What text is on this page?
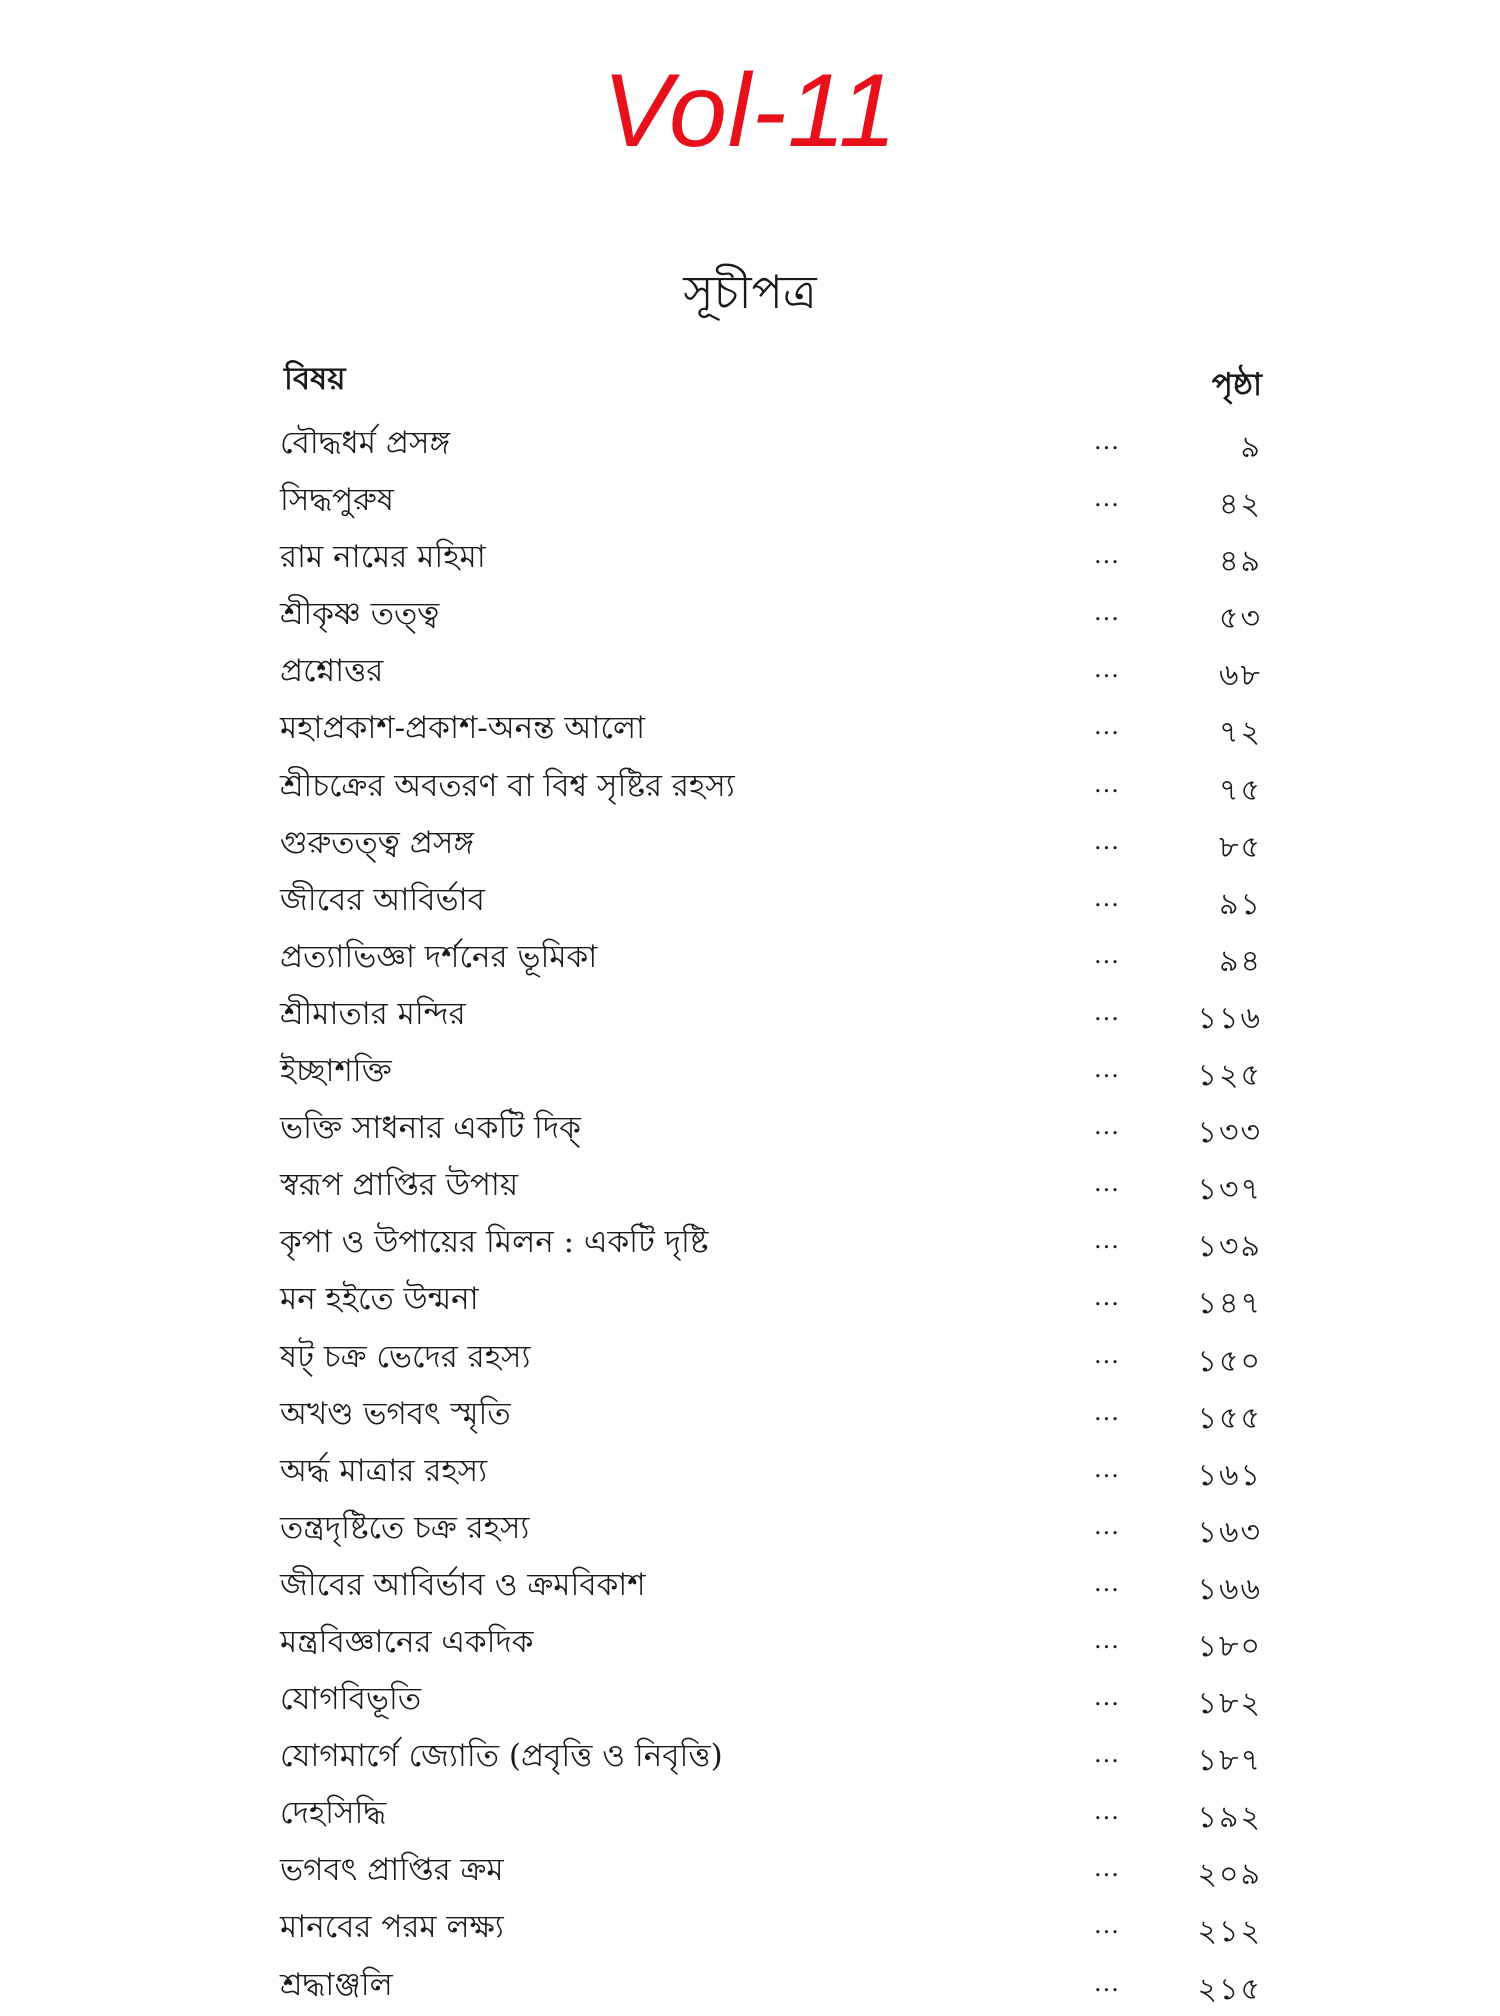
Vol-11
সূচীপত্র
বিষয়	পৃষ্ঠা
বৌদ্ধধর্ম প্রসঙ্গ	...	৯
সিদ্ধপুরুষ	...	৪২
রাম নামের মহিমা	...	৪৯
শ্রীকৃষ্ণ তত্ত্ব	...	৫৩
প্রশ্নোত্তর	...	৬৮
মহাপ্রকাশ-প্রকাশ-অনন্ত আলো	...	৭২
শ্রীচক্রের অবতরণ বা বিশ্ব সৃষ্টির রহস্য	...	৭৫
গুরুতত্ত্ব প্রসঙ্গ	...	৮৫
জীবের আবির্ভাব	...	৯১
প্রত্যাভিজ্ঞা দর্শনের ভূমিকা	...	৯৪
শ্রীমাতার মন্দির	...	১১৬
ইচ্ছাশক্তি	...	১২৫
ভক্তি সাধনার একটি দিক্	...	১৩৩
স্বরূপ প্রাপ্তির উপায়	...	১৩৭
কৃপা ও উপায়ের মিলন : একটি দৃষ্টি	...	১৩৯
মন হইতে উন্মনা	...	১৪৭
ষট্ চক্র ভেদের রহস্য	...	১৫০
অখণ্ড ভগবৎ স্মৃতি	...	১৫৫
অর্দ্ধ মাত্রার রহস্য	...	১৬১
তন্ত্রদৃষ্টিতে চক্র রহস্য	...	১৬৩
জীবের আবির্ভাব ও ক্রমবিকাশ	...	১৬৬
মন্ত্রবিজ্ঞানের একদিক	...	১৮০
যোগবিভূতি	...	১৮২
যোগমার্গে জ্যোতি (প্রবৃত্তি ও নিবৃত্তি)	...	১৮৭
দেহসিদ্ধি	...	১৯২
ভগবৎ প্রাপ্তির ক্রম	...	২০৯
মানবের পরম লক্ষ্য	...	২১২
শ্রদ্ধাঞ্জলি	...	২১৫
